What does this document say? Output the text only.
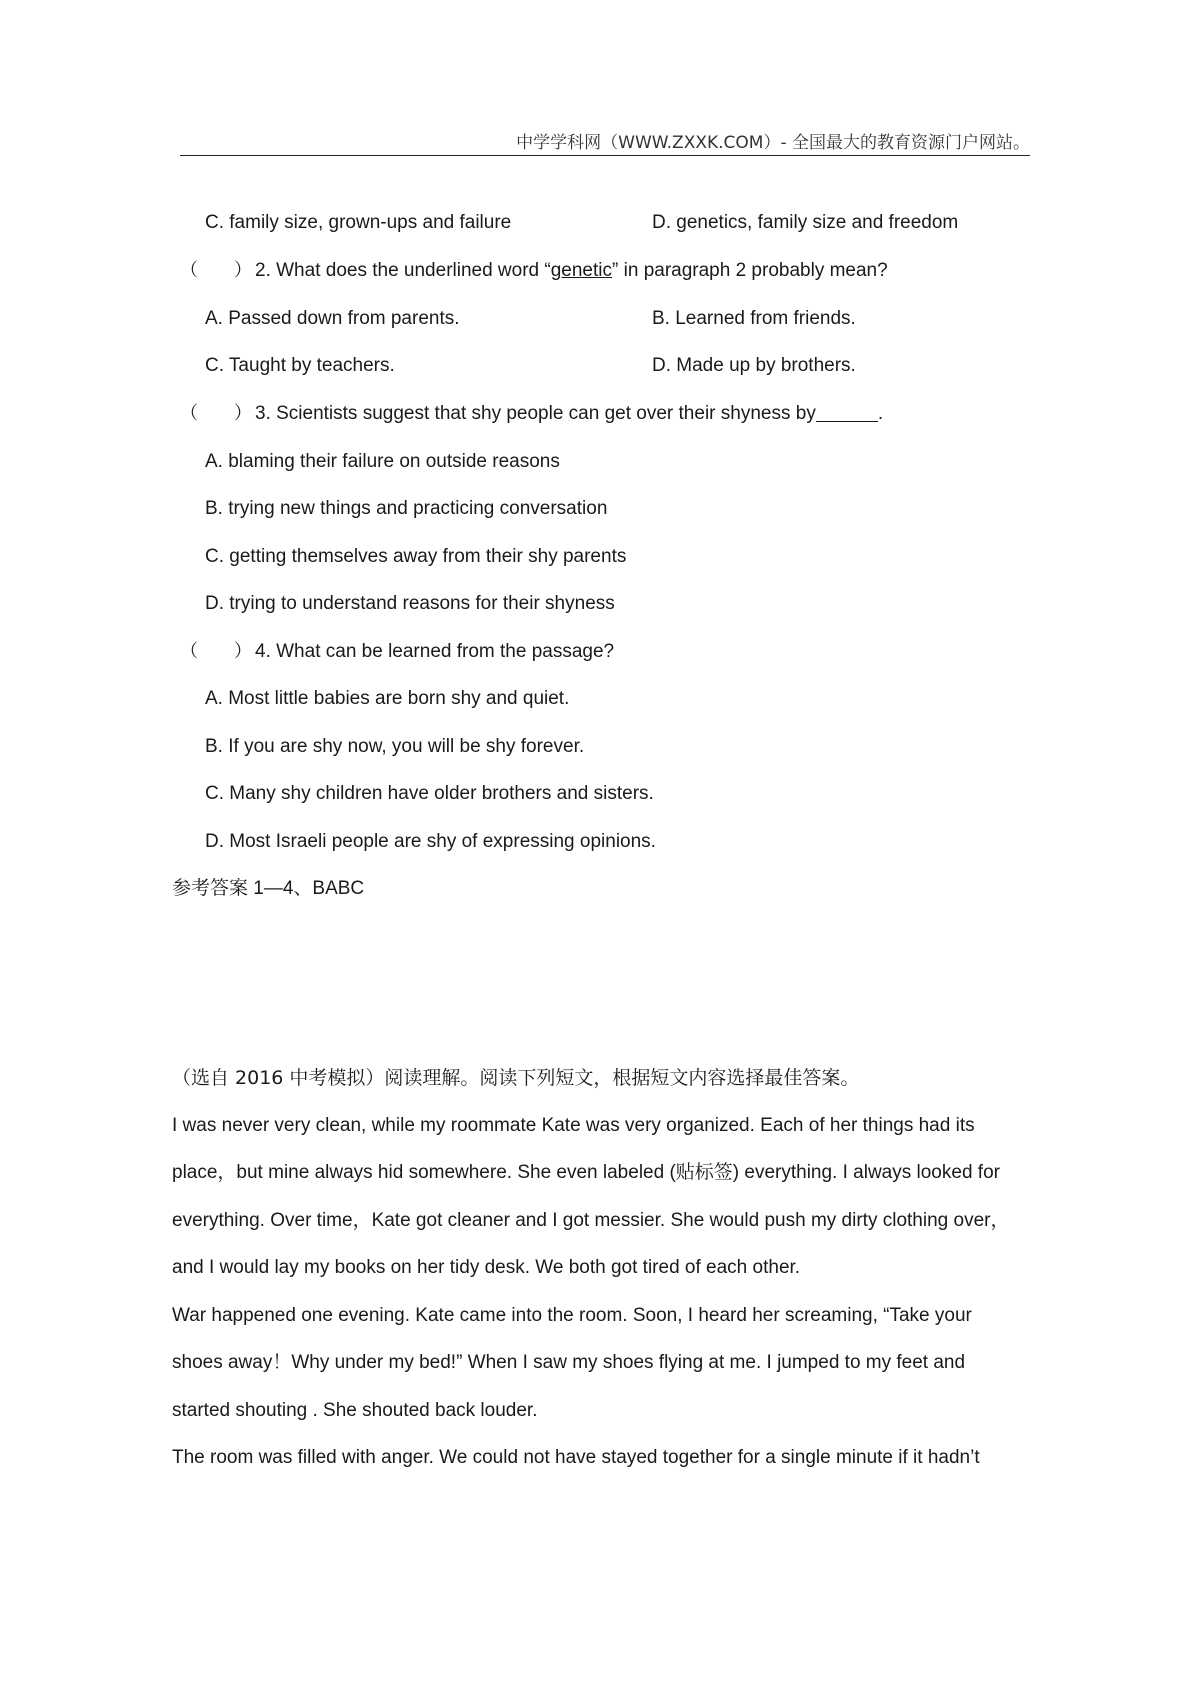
中学学科网（WWW.ZXXK.COM）- 全国最大的教育资源门户网站。
C. family size, grown-ups and failure	D. genetics, family size and freedom
（　　） 2. What does the underlined word “genetic” in paragraph 2 probably mean?
A. Passed down from parents.	B. Learned from friends.
C. Taught by teachers.	D. Made up by brothers.
（　　） 3. Scientists suggest that shy people can get over their shyness by	.
A. blaming their failure on outside reasons
B. trying new things and practicing conversation
C. getting themselves away from their shy parents
D. trying to understand reasons for their shyness
（　　） 4. What can be learned from the passage?
A. Most little babies are born shy and quiet.
B. If you are shy now, you will be shy forever.
C. Many shy children have older brothers and sisters.
D. Most Israeli people are shy of expressing opinions.
参考答案 1—4、BABC
（选自 2016 中考模拟）阅读理解。阅读下列短文，根据短文内容选择最佳答案。
I was never very clean, while my roommate Kate was very organized. Each of her things had its
place，but mine always hid somewhere. She even labeled (贴标签) everything. I always looked for
everything. Over time，Kate got cleaner and I got messier. She would push my dirty clothing over，
and I would lay my books on her tidy desk. We both got tired of each other.
War happened one evening. Kate came into the room. Soon, I heard her screaming, “Take your
shoes away！Why under my bed!” When I saw my shoes flying at me. I jumped to my feet and
started shouting . She shouted back louder.
The room was filled with anger. We could not have stayed together for a single minute if it hadn’t
